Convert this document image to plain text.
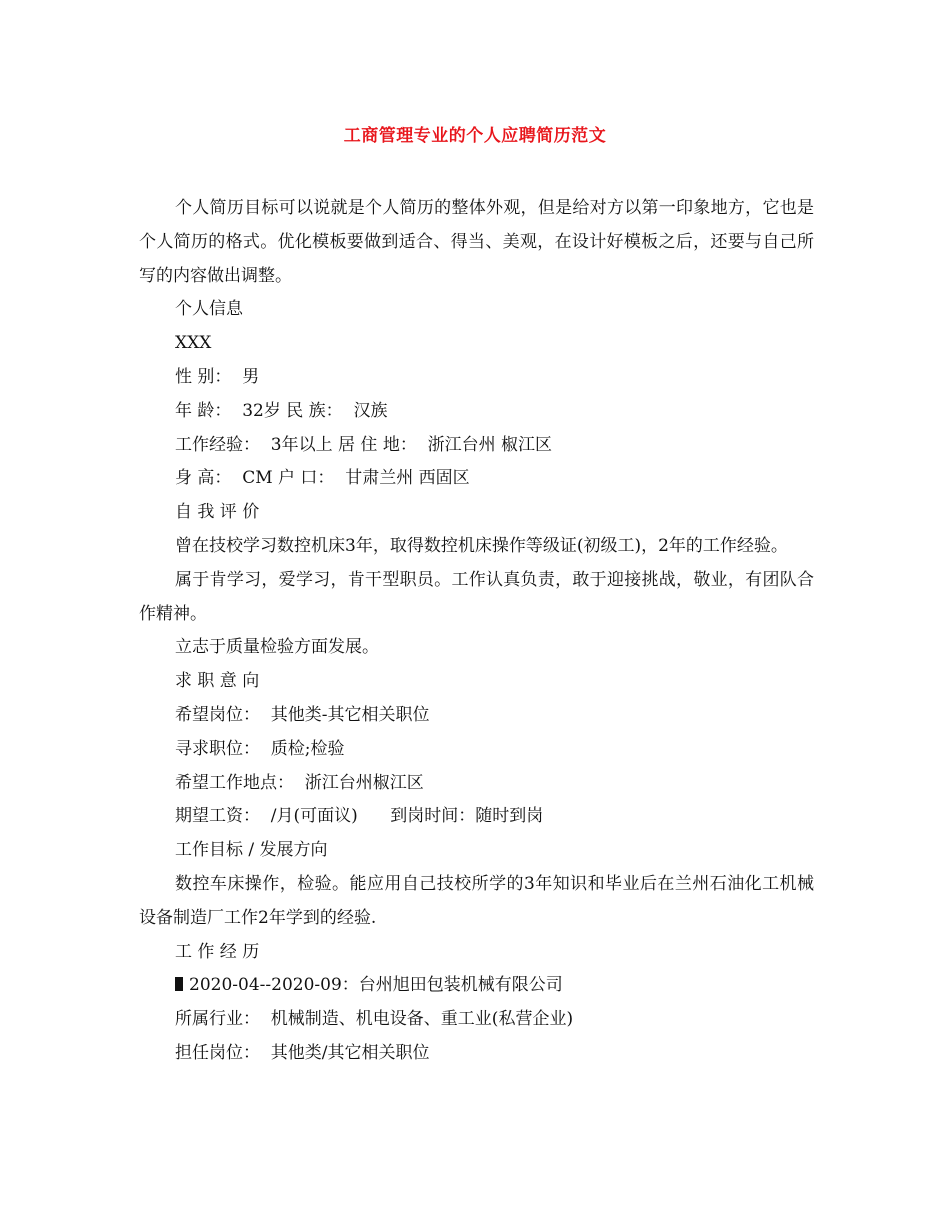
工商管理专业的个人应聘简历范文

个人简历目标可以说就是个人简历的整体外观，但是给对方以第一印象地方，它也是个人简历的格式。优化模板要做到适合、得当、美观，在设计好模板之后，还要与自己所写的内容做出调整。

个人信息

XXX

性 别：  男

年 龄：  32岁 民 族：  汉族

工作经验：  3年以上 居 住 地：  浙江台州 椒江区

身 高：  CM 户 口：  甘肃兰州 西固区

自 我 评 价

曾在技校学习数控机床3年，取得数控机床操作等级证(初级工)，2年的工作经验。

属于肯学习，爱学习，肯干型职员。工作认真负责，敢于迎接挑战，敬业，有团队合作精神。

立志于质量检验方面发展。

求 职 意 向

希望岗位：  其他类-其它相关职位

寻求职位：  质检;检验

希望工作地点：  浙江台州椒江区

期望工资：  /月(可面议)      到岗时间：随时到岗

工作目标 / 发展方向

数控车床操作，检验。能应用自己技校所学的3年知识和毕业后在兰州石油化工机械设备制造厂工作2年学到的经验.

工 作 经 历

2020-04--2020-09：台州旭田包装机械有限公司

所属行业：  机械制造、机电设备、重工业(私营企业)

担任岗位：  其他类/其它相关职位
